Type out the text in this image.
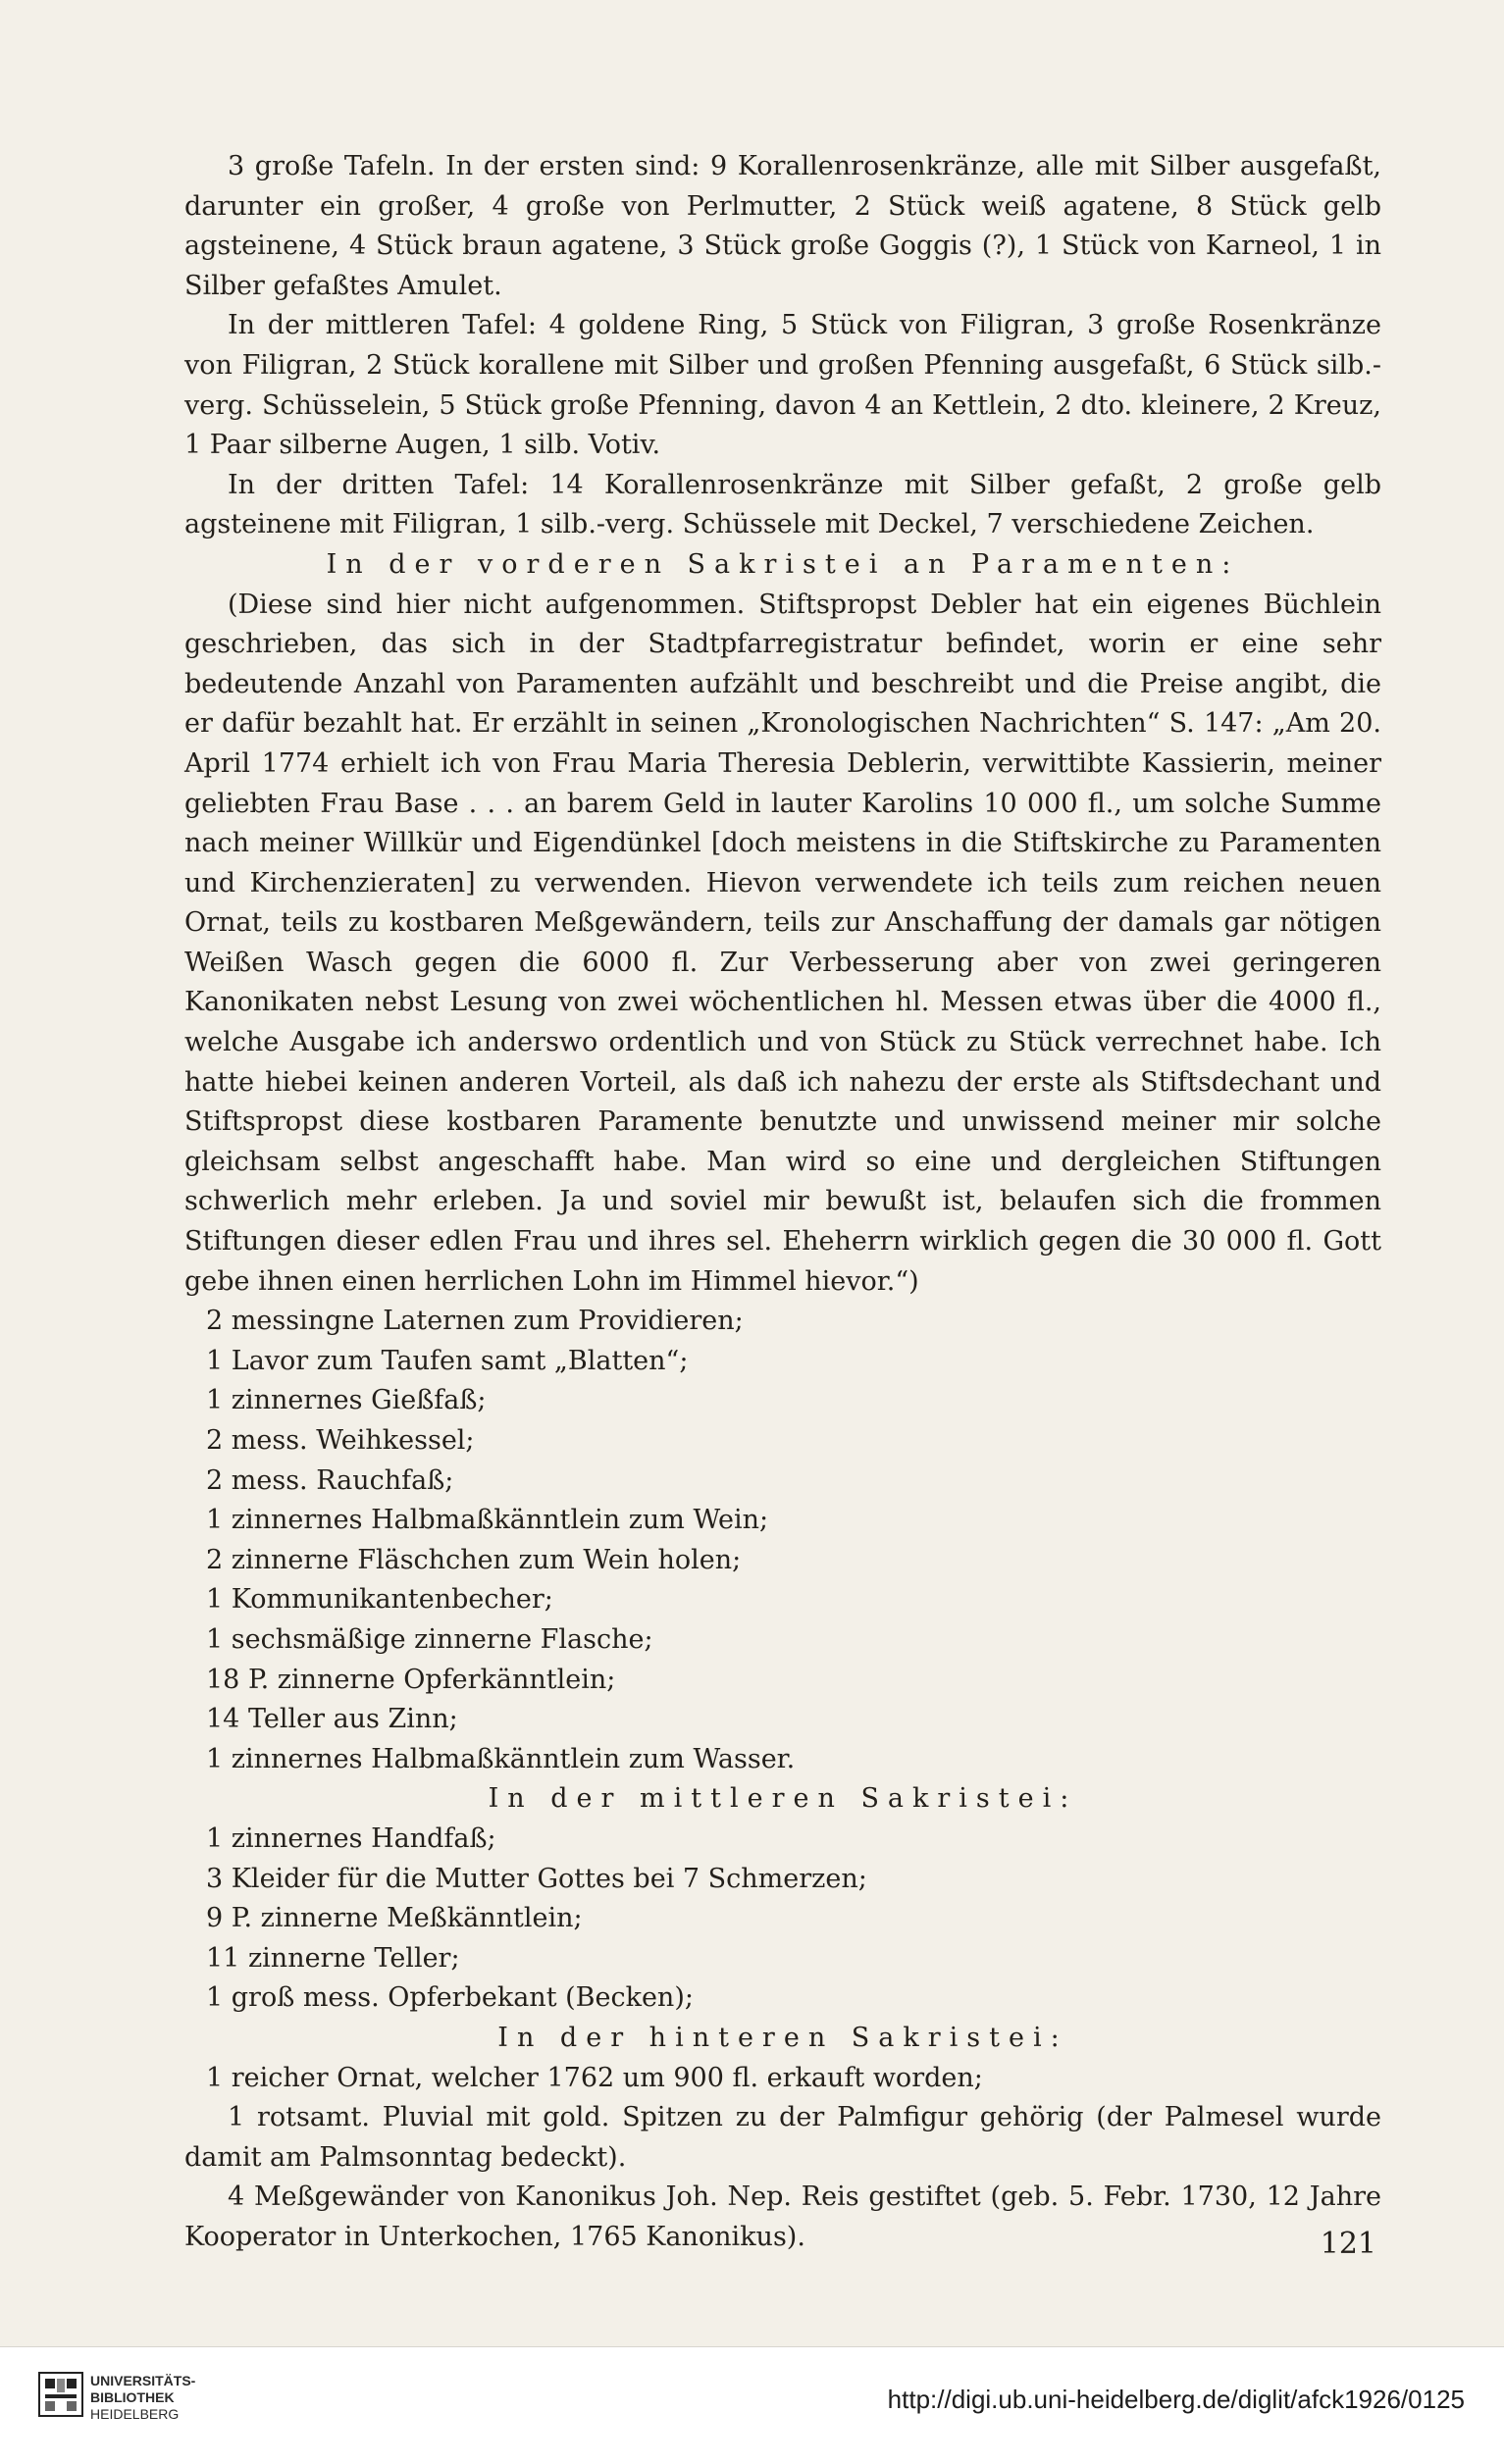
3 große Tafeln. In der ersten sind: 9 Korallenrosenkränze, alle mit Silber ausgefaßt, darunter ein großer, 4 große von Perlmutter, 2 Stück weiß agatene, 8 Stück gelb agsteinene, 4 Stück braun agatene, 3 Stück große Goggis (?), 1 Stück von Karneol, 1 in Silber gefaßtes Amulet.

In der mittleren Tafel: 4 goldene Ring, 5 Stück von Filigran, 3 große Rosenkränze von Filigran, 2 Stück korallene mit Silber und großen Pfenning ausgefaßt, 6 Stück silb.-verg. Schüsselein, 5 Stück große Pfenning, davon 4 an Kettlein, 2 dto. kleinere, 2 Kreuz, 1 Paar silberne Augen, 1 silb. Votiv.

In der dritten Tafel: 14 Korallenrosenkränze mit Silber gefaßt, 2 große gelb agsteinene mit Filigran, 1 silb.-verg. Schüssele mit Deckel, 7 verschiedene Zeichen.

In der vorderen Sakristei an Paramenten:

(Diese sind hier nicht aufgenommen. Stiftspropst Debler hat ein eigenes Büchlein geschrieben, das sich in der Stadtpfarregistratur befindet, worin er eine sehr bedeutende Anzahl von Paramenten aufzählt und beschreibt und die Preise angibt, die er dafür bezahlt hat. Er erzählt in seinen „Kronologischen Nachrichten“ S. 147: „Am 20. April 1774 erhielt ich von Frau Maria Theresia Deblerin, verwittibte Kassierin, meiner geliebten Frau Base . . . an barem Geld in lauter Karolins 10 000 fl., um solche Summe nach meiner Willkür und Eigendünkel [doch meistens in die Stiftskirche zu Paramenten und Kirchenzieraten] zu verwenden. Hievon verwendete ich teils zum reichen neuen Ornat, teils zu kostbaren Meßgewändern, teils zur Anschaffung der damals gar nötigen Weißen Wasch gegen die 6000 fl. Zur Verbesserung aber von zwei geringeren Kanonikaten nebst Lesung von zwei wöchentlichen hl. Messen etwas über die 4000 fl., welche Ausgabe ich anderswo ordentlich und von Stück zu Stück verrechnet habe. Ich hatte hiebei keinen anderen Vorteil, als daß ich nahezu der erste als Stiftsdechant und Stiftspropst diese kostbaren Paramente benutzte und unwissend meiner mir solche gleichsam selbst angeschafft habe. Man wird so eine und dergleichen Stiftungen schwerlich mehr erleben. Ja und soviel mir bewußt ist, belaufen sich die frommen Stiftungen dieser edlen Frau und ihres sel. Eheherrn wirklich gegen die 30 000 fl. Gott gebe ihnen einen herrlichen Lohn im Himmel hievor.“)

2 messingne Laternen zum Providieren;
1 Lavor zum Taufen samt „Blatten“;
1 zinnernes Gießfaß;
2 mess. Weihkessel;
2 mess. Rauchfaß;
1 zinnernes Halbmaßkänntlein zum Wein;
2 zinnerne Fläschchen zum Wein holen;
1 Kommunikantenbecher;
1 sechsmäßige zinnerne Flasche;
18 P. zinnerne Opferkänntlein;
14 Teller aus Zinn;
1 zinnernes Halbmaßkänntlein zum Wasser.

In der mittleren Sakristei:

1 zinnernes Handfaß;
3 Kleider für die Mutter Gottes bei 7 Schmerzen;
9 P. zinnerne Meßkänntlein;
11 zinnerne Teller;
1 groß mess. Opferbekant (Becken);

In der hinteren Sakristei:

1 reicher Ornat, welcher 1762 um 900 fl. erkauft worden;

1 rotsamt. Pluvial mit gold. Spitzen zu der Palmfigur gehörig (der Palmesel wurde damit am Palmsonntag bedeckt).

4 Meßgewänder von Kanonikus Joh. Nep. Reis gestiftet (geb. 5. Febr. 1730, 12 Jahre Kooperator in Unterkochen, 1765 Kanonikus).	121
UNIVERSITÄTS-
BIBLIOTHEK
HEIDELBERG	http://digi.ub.uni-heidelberg.de/diglit/afck1926/0125
